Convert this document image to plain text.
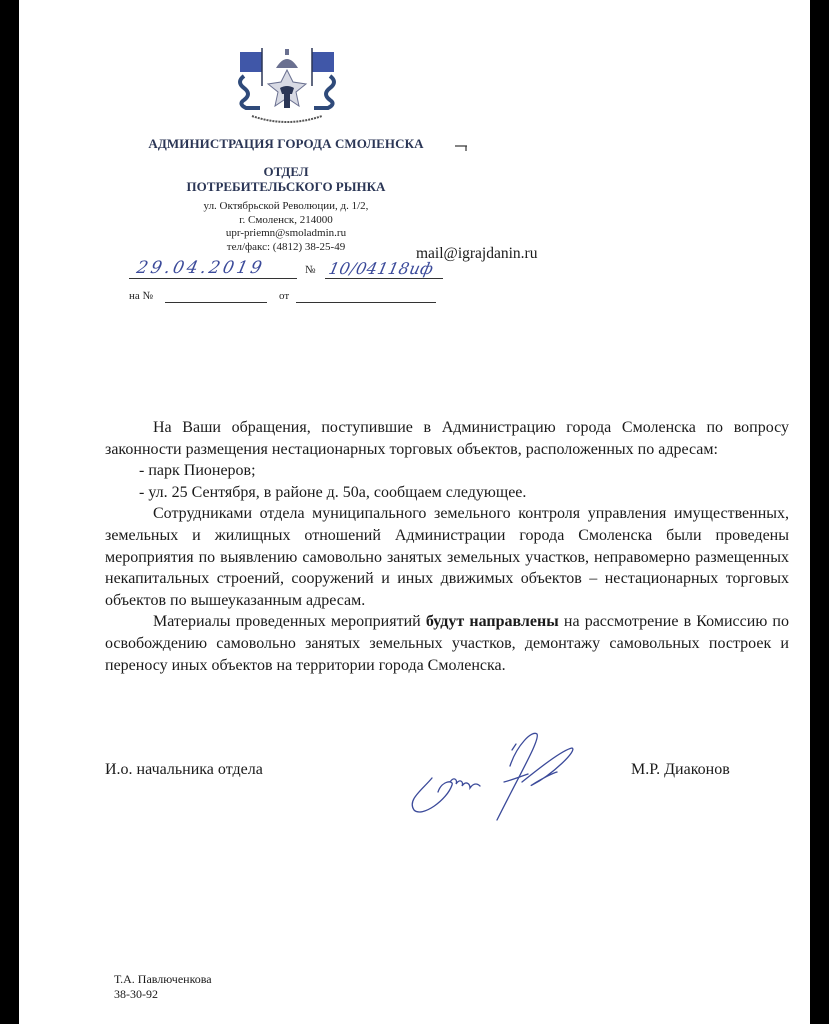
АДМИНИСТРАЦИЯ ГОРОДА СМОЛЕНСКА
ОТДЕЛ
ПОТРЕБИТЕЛЬСКОГО РЫНКА
ул. Октябрьской Революции, д. 1/2,
г. Смоленск, 214000
upr-priemn@smoladmin.ru
тел/факс: (4812) 38-25-49
29.04.2019	№ 10/04118иф
на №	от
mail@igrajdanin.ru

На Ваши обращения, поступившие в Администрацию города Смоленска по вопросу законности размещения нестационарных торговых объектов, расположенных по адресам:

- парк Пионеров;

- ул. 25 Сентября, в районе д. 50а, сообщаем следующее.

Сотрудниками отдела муниципального земельного контроля управления имущественных, земельных и жилищных отношений Администрации города Смоленска были проведены мероприятия по выявлению самовольно занятых земельных участков, неправомерно размещенных некапитальных строений, сооружений и иных движимых объектов – нестационарных торговых объектов по вышеуказанным адресам.

Материалы проведенных мероприятий будут направлены на рассмотрение в Комиссию по освобождению самовольно занятых земельных участков, демонтажу самовольных построек и переносу иных объектов на территории города Смоленска.

И.о. начальника отдела	М.Р. Диаконов
Т.А. Павлюченкова
38-30-92
